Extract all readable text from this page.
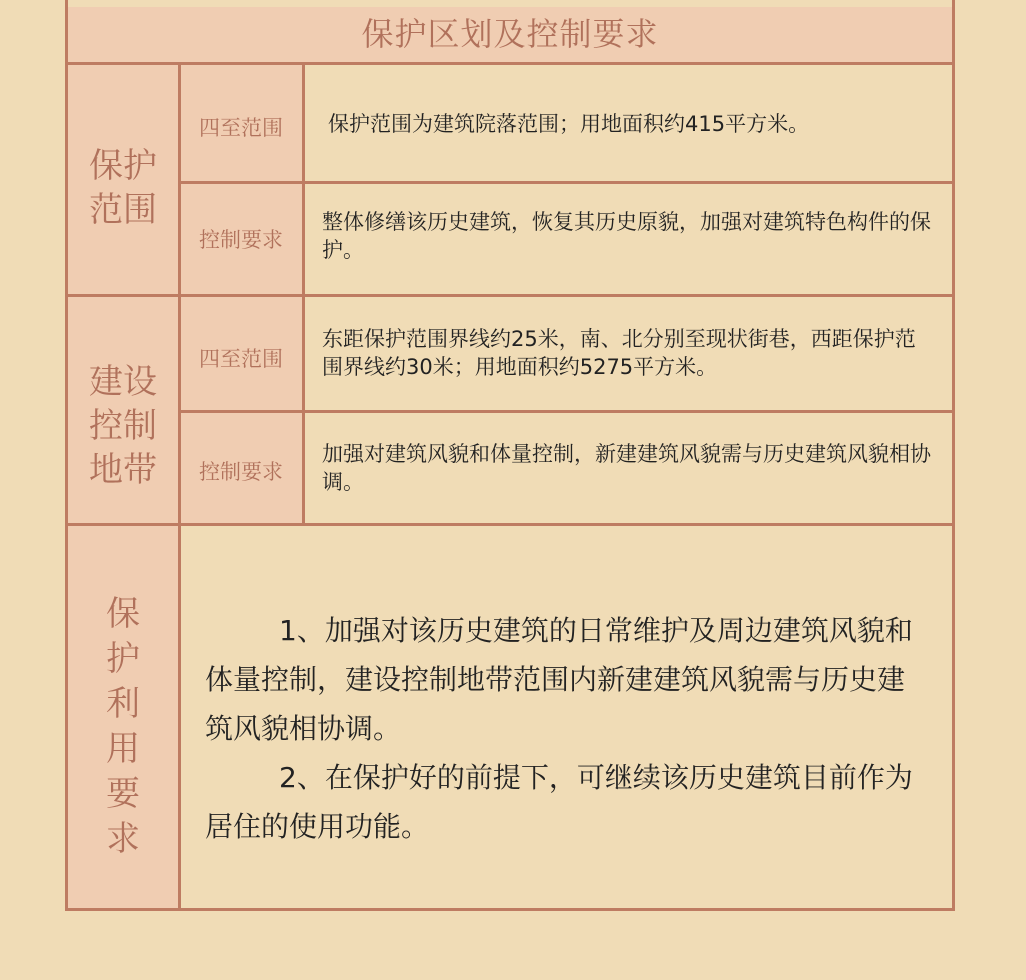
保护区划及控制要求
保护
范围
四至范围	保护范围为建筑院落范围；用地面积约415平方米。
控制要求
整体修缮该历史建筑，恢复其历史原貌，加强对建筑特色构件的保护。
建设
控制
地带
四至范围
东距保护范围界线约25米，南、北分别至现状街巷，西距保护范围界线约30米；用地面积约5275平方米。
控制要求
加强对建筑风貌和体量控制，新建建筑风貌需与历史建筑风貌相协调。
保
护
利
用
要
求

1、加强对该历史建筑的日常维护及周边建筑风貌和体量控制，建设控制地带范围内新建建筑风貌需与历史建筑风貌相协调。

2、在保护好的前提下，可继续该历史建筑目前作为居住的使用功能。
